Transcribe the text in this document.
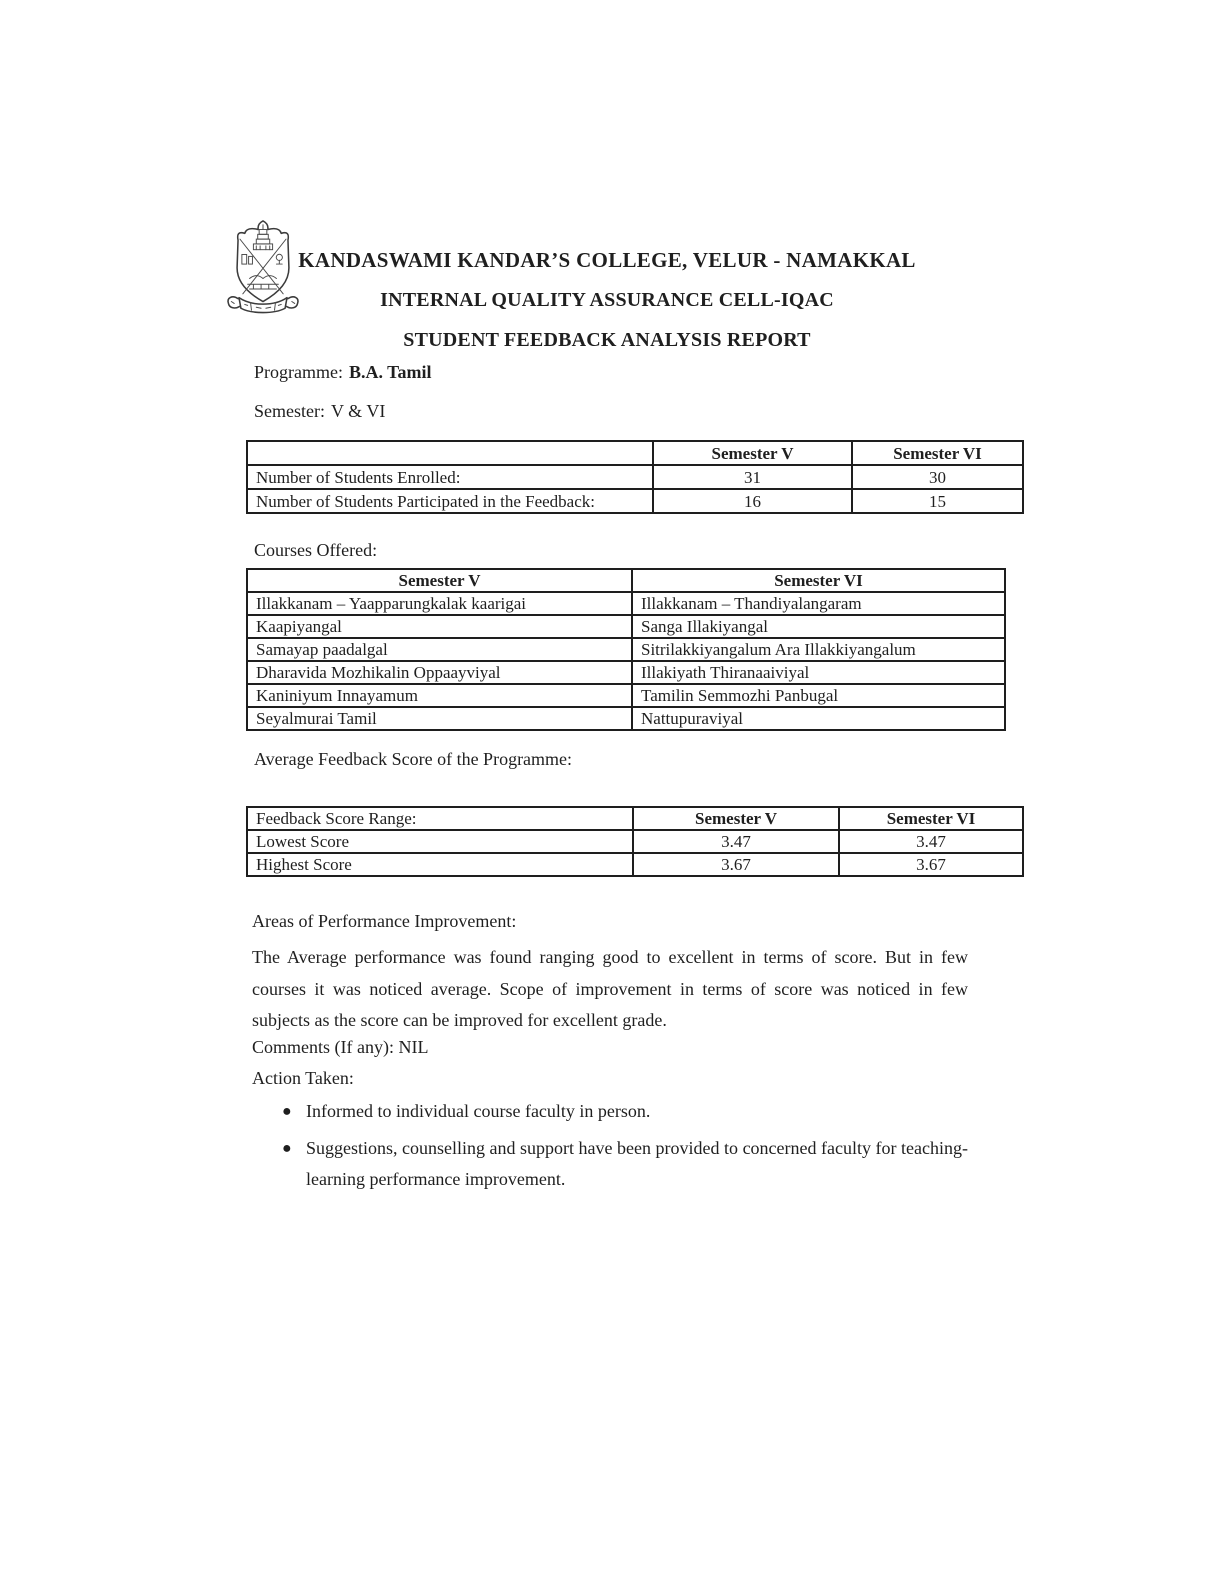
KANDASWAMI KANDAR’S COLLEGE, VELUR - NAMAKKAL
INTERNAL QUALITY ASSURANCE CELL-IQAC
STUDENT FEEDBACK ANALYSIS REPORT
Programme: B.A. Tamil
Semester: V & VI
	Semester V	Semester VI
Number of Students Enrolled:	31	30
Number of Students Participated in the Feedback:	16	15
Courses Offered:
Semester V	Semester VI
Illakkanam – Yaapparungkalak kaarigai	Illakkanam – Thandiyalangaram
Kaapiyangal	Sanga Illakiyangal
Samayap paadalgal	Sitrilakkiyangalum Ara Illakkiyangalum
Dharavida Mozhikalin Oppaayviyal	Illakiyath Thiranaaiviyal
Kaniniyum Innayamum	Tamilin Semmozhi Panbugal
Seyalmurai Tamil	Nattupuraviyal
Average Feedback Score of the Programme:
Feedback Score Range:	Semester V	Semester VI
Lowest Score	3.47	3.47
Highest Score	3.67	3.67
Areas of Performance Improvement:
The Average performance was found ranging good to excellent in terms of score. But in few courses it was noticed average. Scope of improvement in terms of score was noticed in few subjects as the score can be improved for excellent grade.
Comments (If any): NIL
Action Taken:
● Informed to individual course faculty in person.
● Suggestions, counselling and support have been provided to concerned faculty for teaching-learning performance improvement.
